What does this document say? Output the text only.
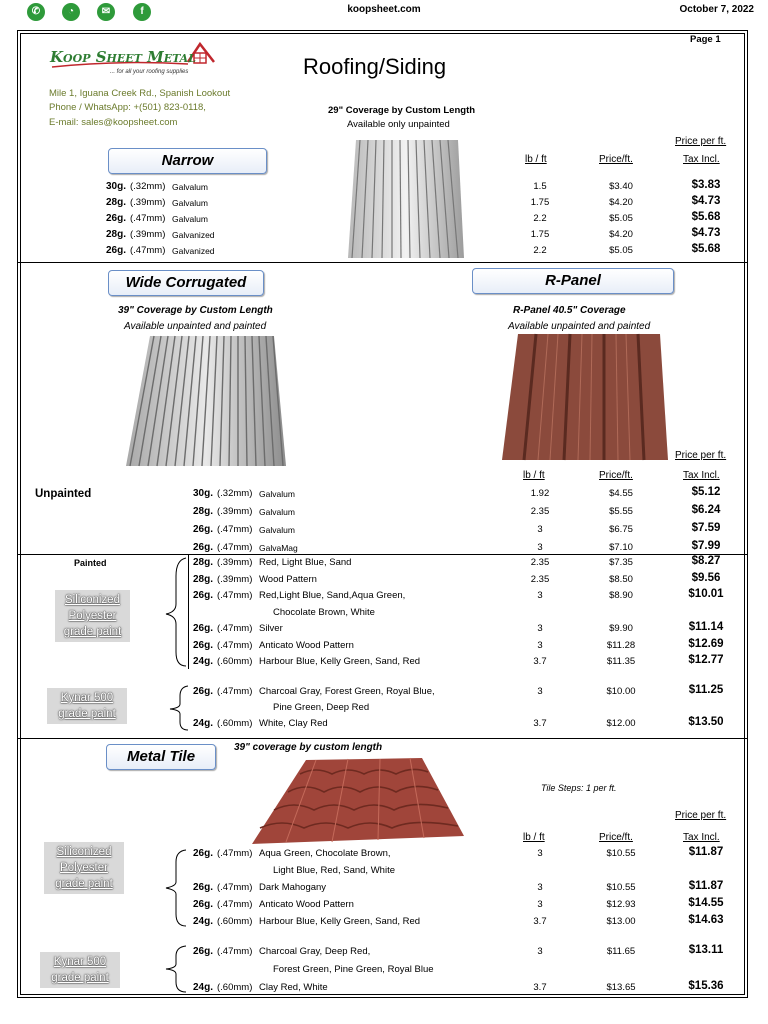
✆	◔	✉	f	koopsheet.com	October 7, 2022
Page 1
Koop Sheet Metal
... for all your roofing supplies
Mile 1, Iguana Creek Rd., Spanish Lookout
Phone / WhatsApp: +(501) 823-0118,
E-mail: sales@koopsheet.com
Roofing/Siding
29" Coverage by Custom Length
Available only unpainted
Narrow
Price per ft.
lb / ft	Price/ft.	Tax Incl.
30g. (.32mm) Galvalum	1.5	$3.40	$3.83
28g. (.39mm) Galvalum	1.75	$4.20	$4.73
26g. (.47mm) Galvalum	2.2	$5.05	$5.68
28g. (.39mm) Galvanized	1.75	$4.20	$4.73
26g. (.47mm) Galvanized	2.2	$5.05	$5.68
Wide Corrugated	R-Panel
39" Coverage by Custom Length
Available unpainted and painted
R-Panel 40.5" Coverage
Available unpainted and painted
Price per ft.
lb / ft	Price/ft.	Tax Incl.
Unpainted	30g. (.32mm) Galvalum	1.92	$4.55	$5.12
28g. (.39mm) Galvalum	2.35	$5.55	$6.24
26g. (.47mm) Galvalum	3	$6.75	$7.59
26g. (.47mm) GalvaMag	3	$7.10	$7.99
Painted
Siliconized Polyester grade paint
28g. (.39mm) Red, Light Blue, Sand	2.35	$7.35	$8.27
28g. (.39mm) Wood Pattern	2.35	$8.50	$9.56
26g. (.47mm) Red,Light Blue, Sand,Aqua Green,	3	$8.90	$10.01
Chocolate Brown, White
26g. (.47mm) Silver	3	$9.90	$11.14
26g. (.47mm) Anticato Wood Pattern	3	$11.28	$12.69
24g. (.60mm) Harbour Blue, Kelly Green, Sand, Red	3.7	$11.35	$12.77
Kynar 500 grade paint
26g. (.47mm) Charcoal Gray, Forest Green, Royal Blue,	3	$10.00	$11.25
Pine Green, Deep Red
24g. (.60mm) White, Clay Red	3.7	$12.00	$13.50
Metal Tile
39" coverage by custom length
Tile Steps: 1 per ft.
Price per ft.
lb / ft	Price/ft.	Tax Incl.
Siliconized Polyester grade paint
26g. (.47mm) Aqua Green, Chocolate Brown,	3	$10.55	$11.87
Light Blue, Red, Sand, White
26g. (.47mm) Dark Mahogany	3	$10.55	$11.87
26g. (.47mm) Anticato Wood Pattern	3	$12.93	$14.55
24g. (.60mm) Harbour Blue, Kelly Green, Sand, Red	3.7	$13.00	$14.63
Kynar 500 grade paint
26g. (.47mm) Charcoal Gray, Deep Red,	3	$11.65	$13.11
Forest Green, Pine Green, Royal Blue
24g. (.60mm) Clay Red, White	3.7	$13.65	$15.36
